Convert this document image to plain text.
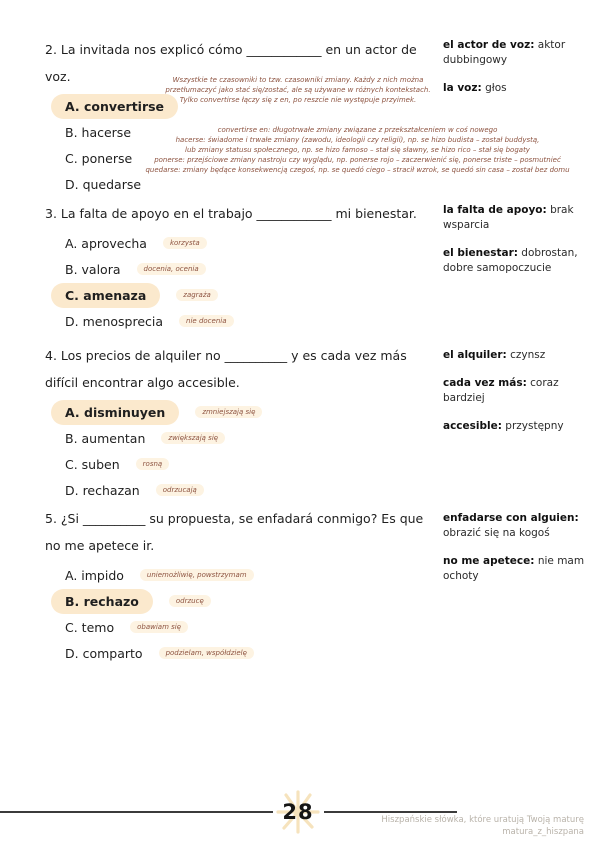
2. La invitada nos explicó cómo ____________ en un actor de
voz.
A. convertirse
B. hacerse
C. ponerse
D. quedarse
Wszystkie te czasowniki to tzw. czasowniki zmiany. Każdy z nich można
przetłumaczyć jako stać się/zostać, ale są używane w różnych kontekstach.
Tylko convertirse łączy się z en, po reszcie nie występuje przyimek.
convertirse en: długotrwałe zmiany związane z przekształceniem w coś nowego
hacerse: świadome i trwałe zmiany (zawodu, ideologii czy religii), np. se hizo budista – został buddystą,
lub zmiany statusu społecznego, np. se hizo famoso – stał się sławny, se hizo rico – stał się bogaty
ponerse: przejściowe zmiany nastroju czy wyglądu, np. ponerse rojo – zaczerwienić się, ponerse triste – posmutnieć
quedarse: zmiany będące konsekwencją czegoś, np. se quedó ciego – stracił wzrok, se quedó sin casa – został bez domu
3. La falta de apoyo en el trabajo ____________ mi bienestar.
A. aprovecha	korzysta
B. valora	docenia, ocenia
C. amenaza	zagraża
D. menosprecia	nie docenia
4. Los precios de alquiler no __________ y es cada vez más
difícil encontrar algo accesible.
A. disminuyen	zmniejszają się
B. aumentan	zwiększają się
C. suben	rosną
D. rechazan	odrzucają
5. ¿Si __________ su propuesta, se enfadará conmigo? Es que
no me apetece ir.
A. impido	uniemożliwię, powstrzymam
B. rechazo	odrzucę
C. temo	obawiam się
D. comparto	podzielam, współdzielę
el actor de voz: aktor dubbingowy
la voz: głos
la falta de apoyo: brak wsparcia
el bienestar: dobrostan, dobre samopoczucie
el alquiler: czynsz
cada vez más: coraz bardziej
accesible: przystępny
enfadarse con alguien: obrazić się na kogoś
no me apetece: nie mam ochoty
28	Hiszpańskie słówka, które uratują Twoją maturę
matura_z_hiszpana
